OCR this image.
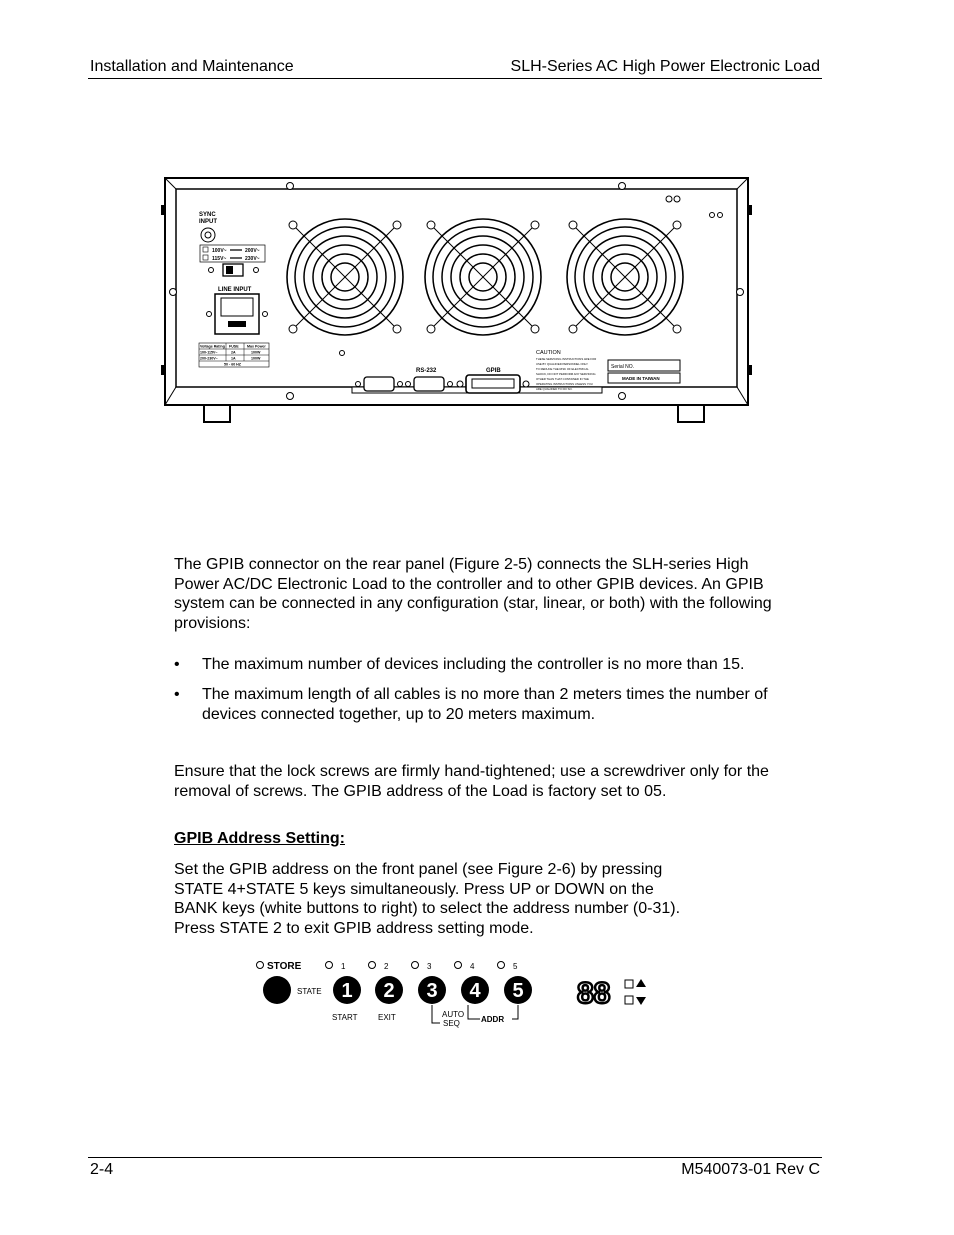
Installation and Maintenance	SLH-Series AC High Power Electronic Load
SYNC
INPUT
100V~	200V~
115V~	230V~
LINE INPUT
Voltage Rating FUSE Max Power
100-115V~	2A	100W
200-230V~	1A	100W
50 - 60 HZ
RS-232	GPIB
CAUTION
THESE SERVICING INSTRUCTIONS ARE FOR
USE BY QUALIFIED PERSONNEL ONLY.
TO REDUCE THE RISK OF ELECTRICAL
SHOCK, DO NOT PERFORM ANY SERVICING
OTHER THAN THAT CONTAINED IN THE
OPERATING INSTRUCTIONS UNLESS YOU
ARE QUALIFIED TO DO SO.
Serial NO.
MADE IN TAIWAN
The GPIB connector on the rear panel (Figure 2-5) connects the SLH-series High
Power AC/DC Electronic Load to the controller and to other GPIB devices. An GPIB
system can be connected in any configuration (star, linear, or both) with the following
provisions:
• The maximum number of devices including the controller is no more than 15.
• The maximum length of all cables is no more than 2 meters times the number of
devices connected together, up to 20 meters maximum.
Ensure that the lock screws are firmly hand-tightened; use a screwdriver only for the
removal of screws. The GPIB address of the Load is factory set to 05.
GPIB Address Setting:
Set the GPIB address on the front panel (see Figure 2-6) by pressing
STATE 4+STATE 5 keys simultaneously. Press UP or DOWN on the
BANK keys (white buttons to right) to select the address number (0-31).
Press STATE 2 to exit GPIB address setting mode.
STORE	1	2	3	4	5
STATE 1 2 3 4 5
START	EXIT	AUTO
SEQ	ADDR
88
2-4	M540073-01 Rev C
